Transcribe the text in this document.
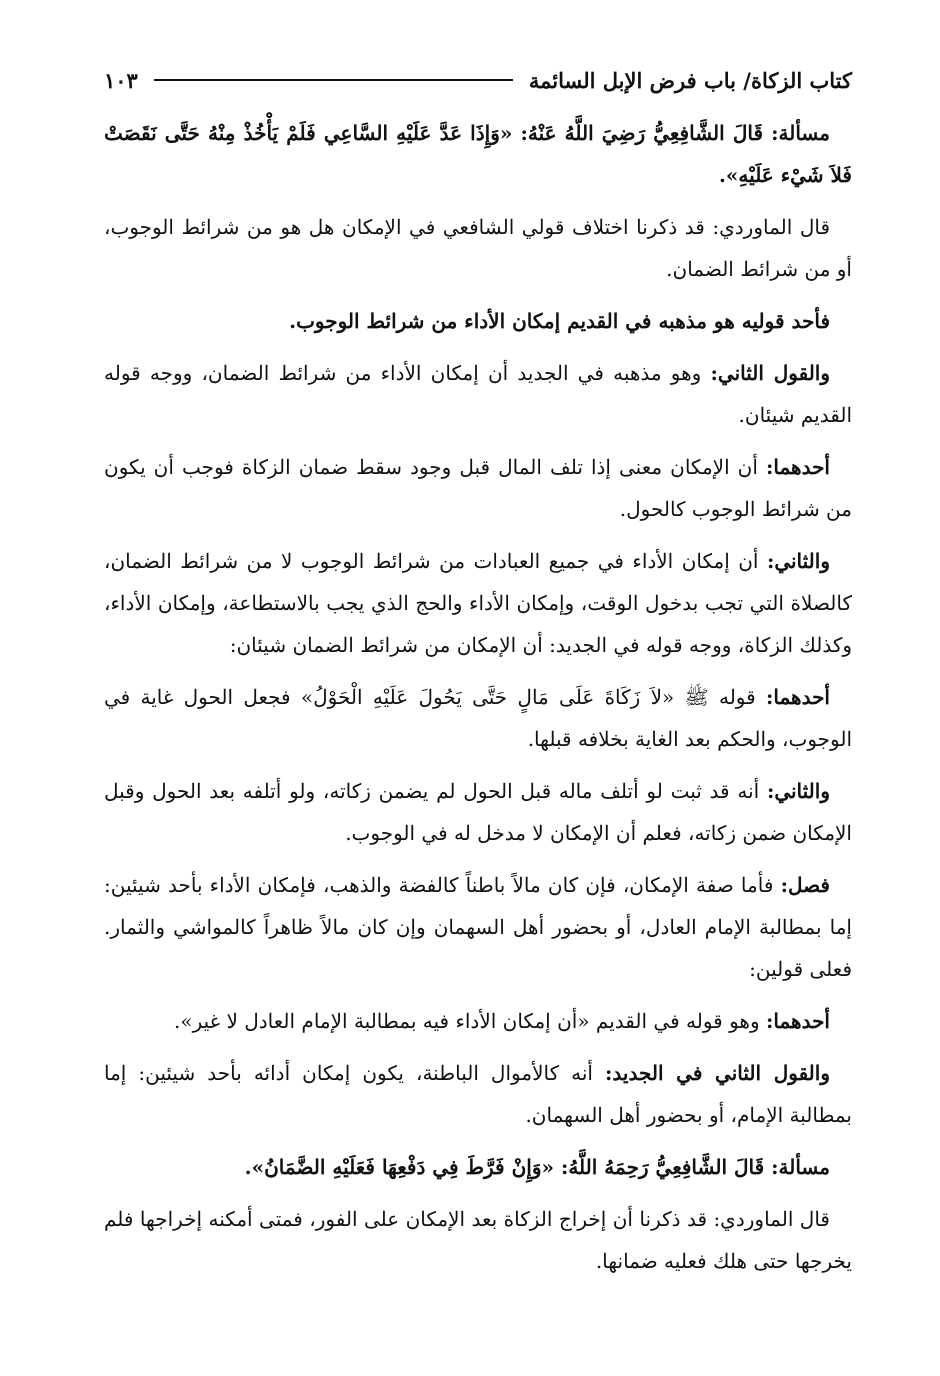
كتاب الزكاة/ باب فرض الإبل السائمة
١٠٣

مسألة: قَالَ الشَّافِعِيُّ رَضِيَ اللَّهُ عَنْهُ: «وَإِذَا عَدَّ عَلَيْهِ السَّاعِي فَلَمْ يَأْخُذْ مِنْهُ حَتَّى نَقَصَتْ فَلاَ شَيْء عَلَيْهِ».

قال الماوردي: قد ذكرنا اختلاف قولي الشافعي في الإمكان هل هو من شرائط الوجوب، أو من شرائط الضمان.

فأحد قوليه هو مذهبه في القديم إمكان الأداء من شرائط الوجوب.

والقول الثاني: وهو مذهبه في الجديد أن إمكان الأداء من شرائط الضمان، ووجه قوله القديم شيئان.

أحدهما: أن الإمكان معنى إذا تلف المال قبل وجود سقط ضمان الزكاة فوجب أن يكون من شرائط الوجوب كالحول.

والثاني: أن إمكان الأداء في جميع العبادات من شرائط الوجوب لا من شرائط الضمان، كالصلاة التي تجب بدخول الوقت، وإمكان الأداء والحج الذي يجب بالاستطاعة، وإمكان الأداء، وكذلك الزكاة، ووجه قوله في الجديد: أن الإمكان من شرائط الضمان شيئان:

أحدهما: قوله ﷺ «لاَ زَكَاةَ عَلَى مَالٍ حَتَّى يَحُولَ عَلَيْهِ الْحَوْلُ» فجعل الحول غاية في الوجوب، والحكم بعد الغاية بخلافه قبلها.

والثاني: أنه قد ثبت لو أتلف ماله قبل الحول لم يضمن زكاته، ولو أتلفه بعد الحول وقبل الإمكان ضمن زكاته، فعلم أن الإمكان لا مدخل له في الوجوب.

فصل: فأما صفة الإمكان، فإن كان مالاً باطناً كالفضة والذهب، فإمكان الأداء بأحد شيئين: إما بمطالبة الإمام العادل، أو بحضور أهل السهمان وإن كان مالاً ظاهراً كالمواشي والثمار. فعلى قولين:

أحدهما: وهو قوله في القديم «أن إمكان الأداء فيه بمطالبة الإمام العادل لا غير».

والقول الثاني في الجديد: أنه كالأموال الباطنة، يكون إمكان أدائه بأحد شيئين: إما بمطالبة الإمام، أو بحضور أهل السهمان.

مسألة: قَالَ الشَّافِعِيُّ رَحِمَهُ اللَّهُ: «وَإِنْ فَرَّطَ فِي دَفْعِهَا فَعَلَيْهِ الضَّمَانُ».

قال الماوردي: قد ذكرنا أن إخراج الزكاة بعد الإمكان على الفور، فمتى أمكنه إخراجها فلم يخرجها حتى هلك فعليه ضمانها.
